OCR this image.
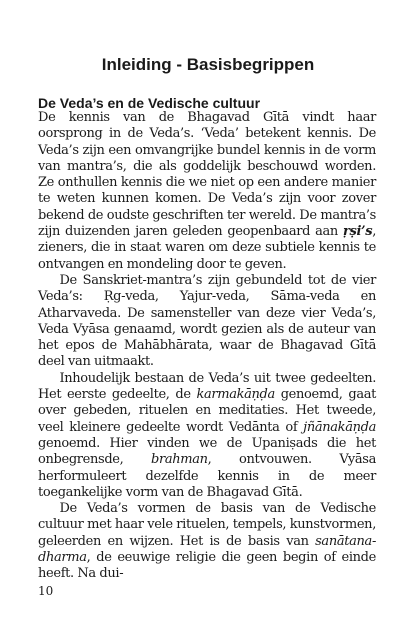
Inleiding - Basisbegrippen
De Veda’s en de Vedische cultuur

De kennis van de Bhagavad Gītā vindt haar oorsprong in de Veda’s. ‘Veda’ betekent kennis. De Veda’s zijn een omvangrijke bundel kennis in de vorm van mantra’s, die als goddelijk beschouwd worden. Ze onthullen kennis die we niet op een andere manier te weten kunnen komen. De Veda’s zijn voor zover bekend de oudste geschriften ter wereld. De mantra’s zijn duizenden jaren geleden geopenbaard aan ṛṣi’s, zieners, die in staat waren om deze subtiele kennis te ontvangen en mondeling door te geven.

De Sanskriet-mantra’s zijn gebundeld tot de vier Veda’s: Ṛg-veda, Yajur-veda, Sāma-veda en Atharvaveda. De samensteller van deze vier Veda’s, Veda Vyāsa genaamd, wordt gezien als de auteur van het epos de Mahābhārata, waar de Bhagavad Gītā deel van uitmaakt.

Inhoudelijk bestaan de Veda’s uit twee gedeelten. Het eerste gedeelte, de karmakāṇḍa genoemd, gaat over gebeden, rituelen en meditaties. Het tweede, veel kleinere gedeelte wordt Vedānta of jñānakāṇḍa genoemd. Hier vinden we de Upaniṣads die het onbegrensde, brahman, ontvouwen. Vyāsa herformuleert dezelfde kennis in de meer toegankelijke vorm van de Bhagavad Gītā.

De Veda’s vormen de basis van de Vedische cultuur met haar vele rituelen, tempels, kunstvormen, geleerden en wijzen. Het is de basis van sanātana-dharma, de eeuwige religie die geen begin of einde heeft. Na dui-

10
